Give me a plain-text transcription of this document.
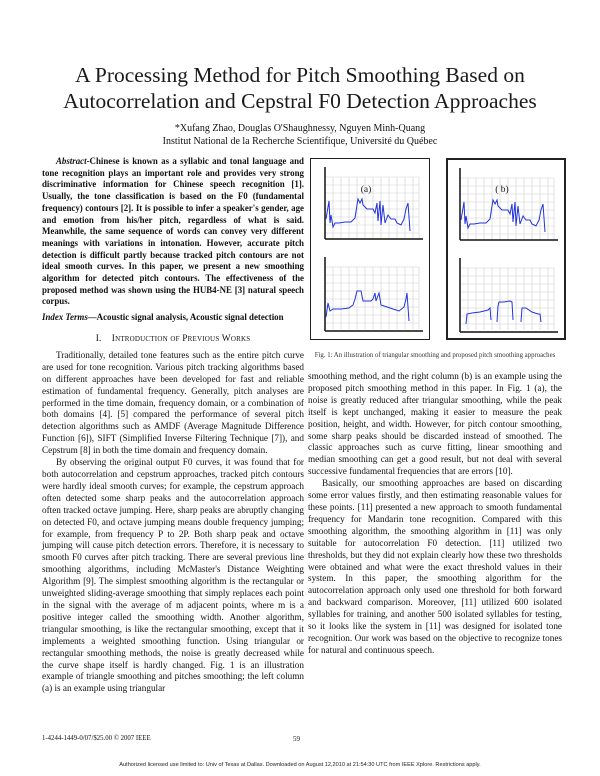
A Processing Method for Pitch Smoothing Based on
Autocorrelation and Cepstral F0 Detection Approaches
*Xufang Zhao, Douglas O'Shaughnessy, Nguyen Minh-Quang
Institut National de la Recherche Scientifique, Université du Québec

Abstract-Chinese is known as a syllabic and tonal language and tone recognition plays an important role and provides very strong discriminative information for Chinese speech recognition [1]. Usually, the tone classification is based on the F0 (fundamental frequency) contours [2]. It is possible to infer a speaker's gender, age and emotion from his/her pitch, regardless of what is said. Meanwhile, the same sequence of words can convey very different meanings with variations in intonation. However, accurate pitch detection is difficult partly because tracked pitch contours are not ideal smooth curves. In this paper, we present a new smoothing algorithm for detected pitch contours. The effectiveness of the proposed method was shown using the HUB4-NE [3] natural speech corpus.

Index Terms—Acoustic signal analysis, Acoustic signal detection

I. Introduction of Previous Works

Traditionally, detailed tone features such as the entire pitch curve are used for tone recognition. Various pitch tracking algorithms based on different approaches have been developed for fast and reliable estimation of fundamental frequency. Generally, pitch analyses are performed in the time domain, frequency domain, or a combination of both domains [4]. [5] compared the performance of several pitch detection algorithms such as AMDF (Average Magnitude Difference Function [6]), SIFT (Simplified Inverse Filtering Technique [7]), and Cepstrum [8] in both the time domain and frequency domain.

By observing the original output F0 curves, it was found that for both autocorrelation and cepstrum approaches, tracked pitch contours were hardly ideal smooth curves; for example, the cepstrum approach often detected some sharp peaks and the autocorrelation approach often tracked octave jumping. Here, sharp peaks are abruptly changing on detected F0, and octave jumping means double frequency jumping; for example, from frequency P to 2P. Both sharp peak and octave jumping will cause pitch detection errors. Therefore, it is necessary to smooth F0 curves after pitch tracking. There are several previous line smoothing algorithms, including McMaster's Distance Weighting Algorithm [9]. The simplest smoothing algorithm is the rectangular or unweighted sliding-average smoothing that simply replaces each point in the signal with the average of m adjacent points, where m is a positive integer called the smoothing width. Another algorithm, triangular smoothing, is like the rectangular smoothing, except that it implements a weighted smoothing function. Using triangular or rectangular smoothing methods, the noise is greatly decreased while the curve shape itself is hardly changed. Fig. 1 is an illustration example of triangle smoothing and pitches smoothing; the left column (a) is an example using triangular

(a)	( b)
Fig. 1: An illustration of triangular smoothing and proposed pitch smoothing approaches

smoothing method, and the right column (b) is an example using the proposed pitch smoothing method in this paper. In Fig. 1 (a), the noise is greatly reduced after triangular smoothing, while the peak itself is kept unchanged, making it easier to measure the peak position, height, and width. However, for pitch contour smoothing, some sharp peaks should be discarded instead of smoothed. The classic approaches such as curve fitting, linear smoothing and median smoothing can get a good result, but not deal with several successive fundamental frequencies that are errors [10].

Basically, our smoothing approaches are based on discarding some error values firstly, and then estimating reasonable values for these points. [11] presented a new approach to smooth fundamental frequency for Mandarin tone recognition. Compared with this smoothing algorithm, the smoothing algorithm in [11] was only suitable for autocorrelation F0 detection. [11] utilized two thresholds, but they did not explain clearly how these two thresholds were obtained and what were the exact threshold values in their system. In this paper, the smoothing algorithm for the autocorrelation approach only used one threshold for both forward and backward comparison. Moreover, [11] utilized 600 isolated syllables for training, and another 500 isolated syllables for testing, so it looks like the system in [11] was designed for isolated tone recognition. Our work was based on the objective to recognize tones for natural and continuous speech.

1-4244-1449-0/07/$25.00 © 2007 IEEE	59
Authorized licensed use limited to: Univ of Texas at Dallas. Downloaded on August 12,2010 at 21:54:30 UTC from IEEE Xplore. Restrictions apply.
